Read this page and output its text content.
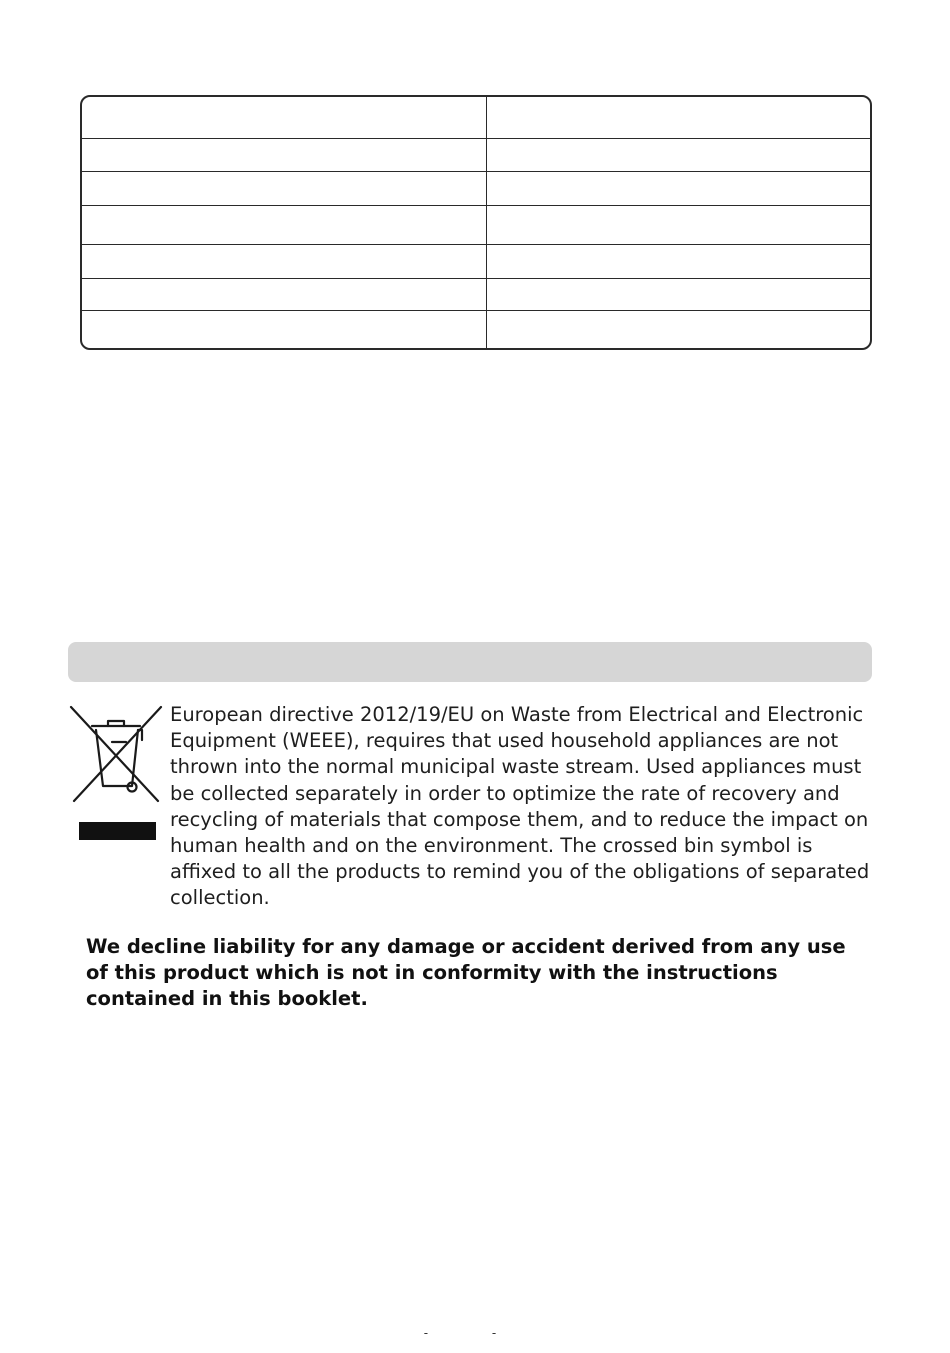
European directive 2012/19/EU on Waste from Electrical and Electronic Equipment (WEEE), requires that used household appliances are not thrown into the normal municipal waste stream. Used appliances must be collected separately in order to optimize the rate of recovery and recycling of materials that compose them, and to reduce the impact on human health and on the environment. The crossed bin symbol is affixed to all the products to remind you of the obligations of separated collection.

We decline liability for any damage or accident derived from any use of this product which is not in conformity with the instructions contained in this booklet.

- -
